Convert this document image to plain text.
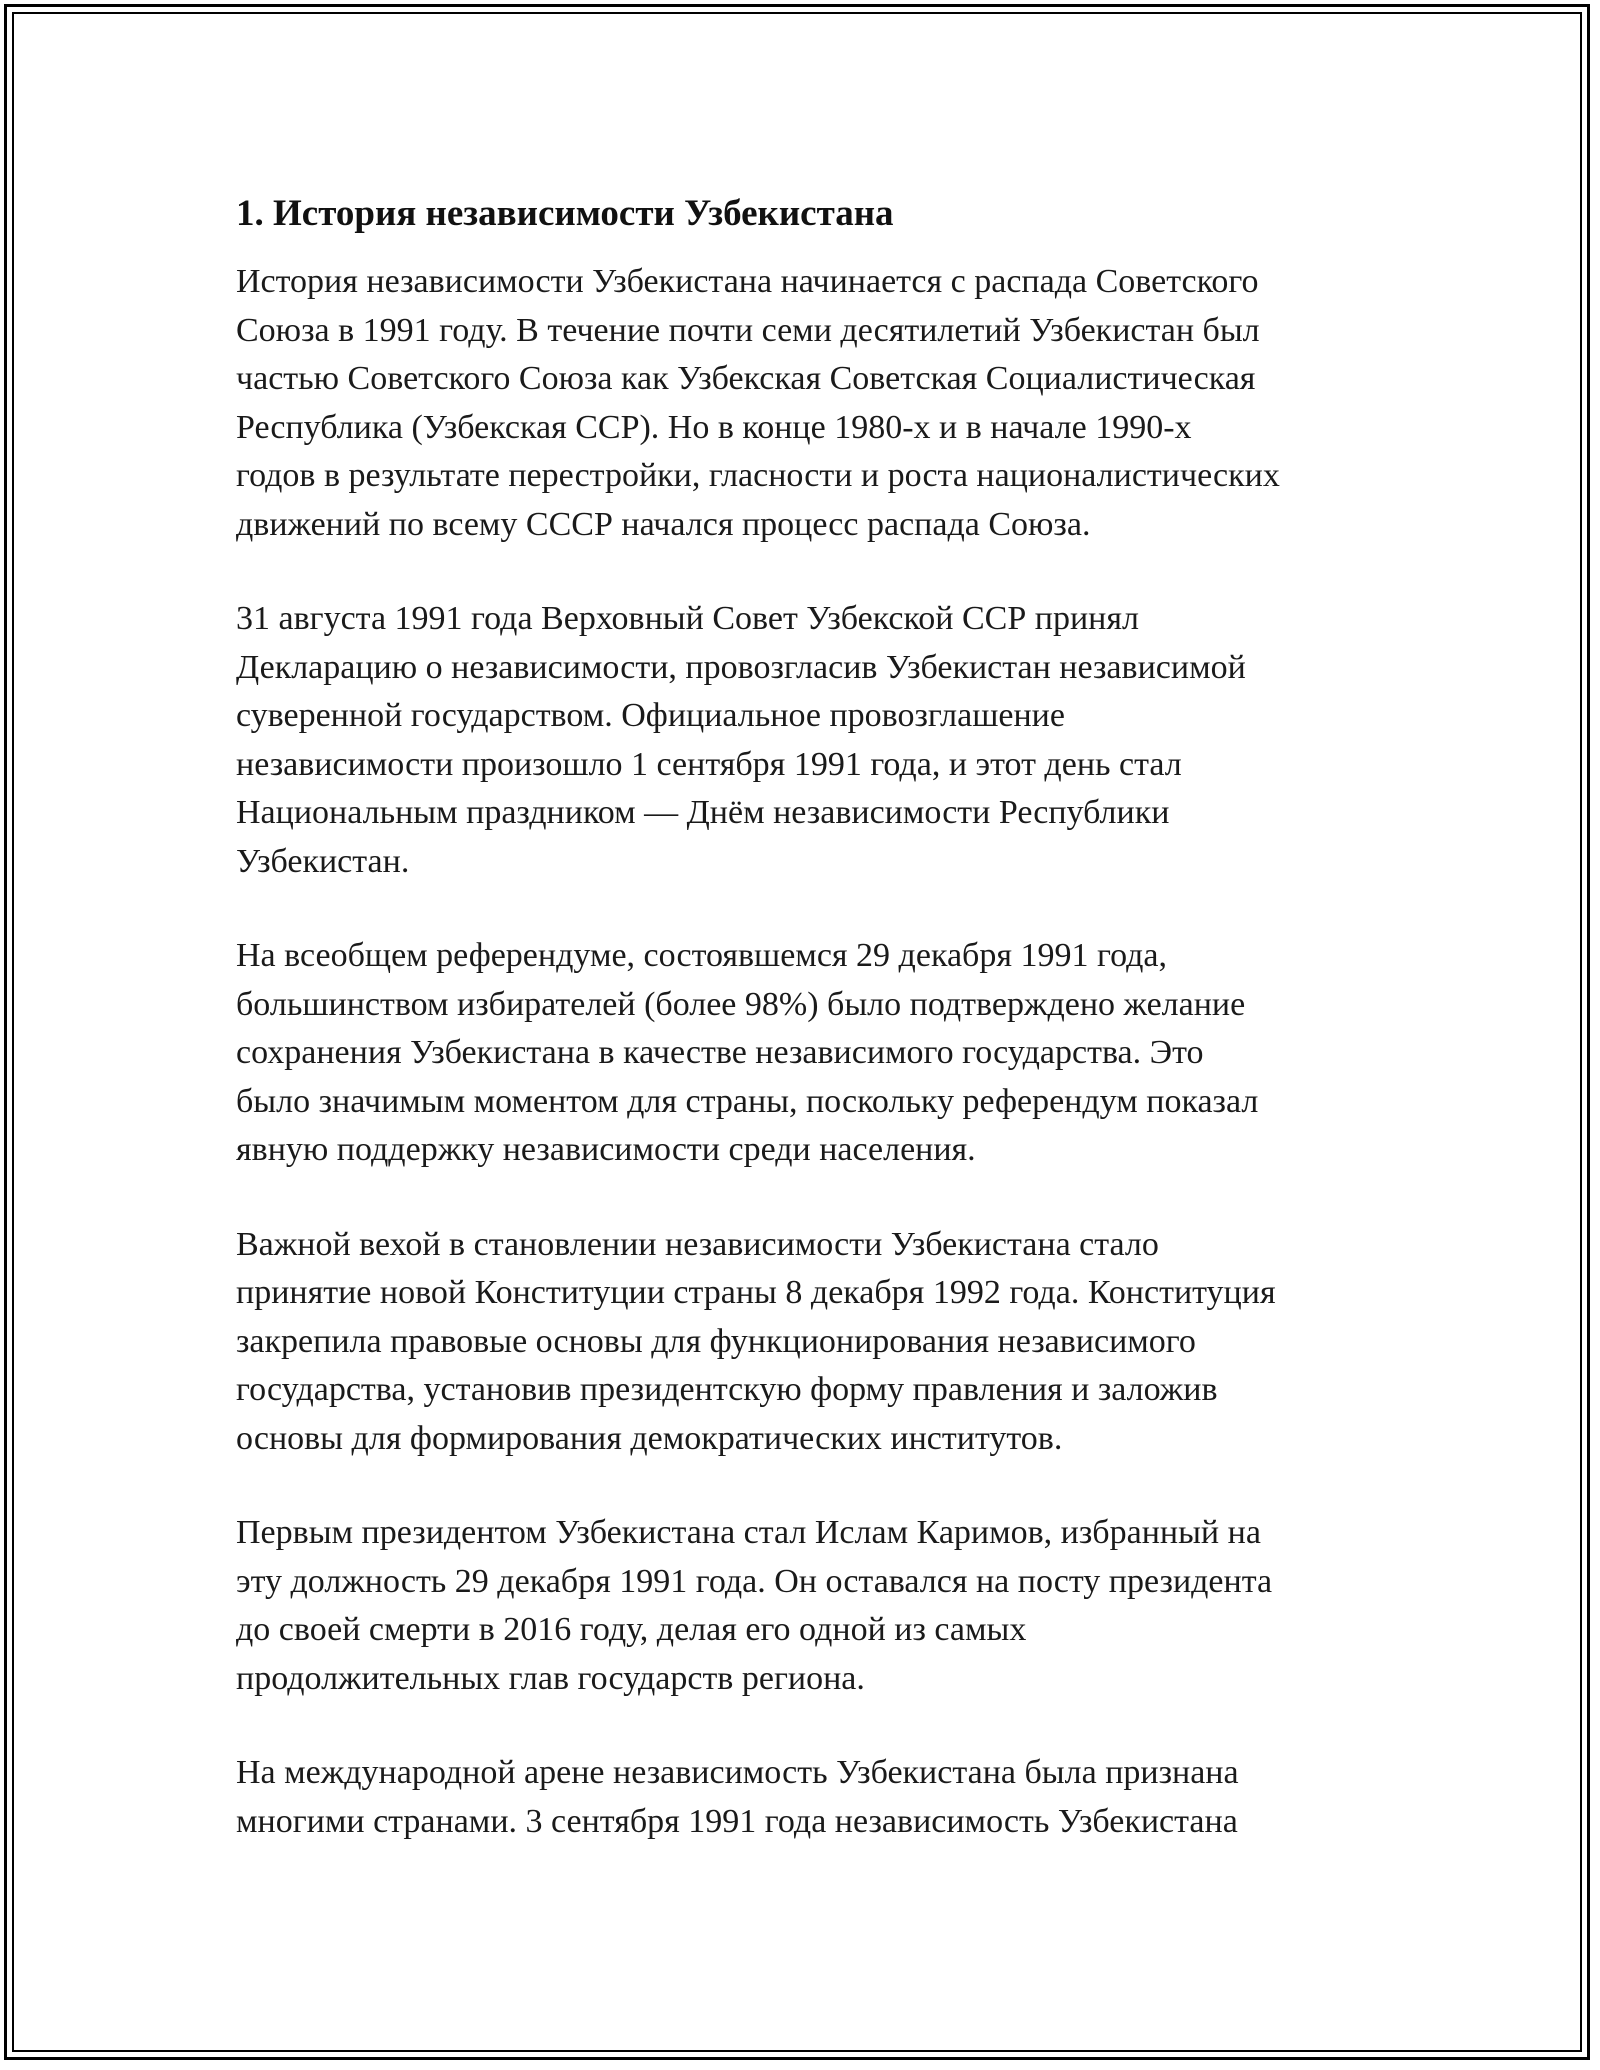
1. История независимости Узбекистана

История независимости Узбекистана начинается с распада Советского
Союза в 1991 году. В течение почти семи десятилетий Узбекистан был
частью Советского Союза как Узбекская Советская Социалистическая
Республика (Узбекская ССР). Но в конце 1980-х и в начале 1990-х
годов в результате перестройки, гласности и роста националистических
движений по всему СССР начался процесс распада Союза.

31 августа 1991 года Верховный Совет Узбекской ССР принял
Декларацию о независимости, провозгласив Узбекистан независимой
суверенной государством. Официальное провозглашение
независимости произошло 1 сентября 1991 года, и этот день стал
Национальным праздником — Днём независимости Республики
Узбекистан.

На всеобщем референдуме, состоявшемся 29 декабря 1991 года,
большинством избирателей (более 98%) было подтверждено желание
сохранения Узбекистана в качестве независимого государства. Это
было значимым моментом для страны, поскольку референдум показал
явную поддержку независимости среди населения.

Важной вехой в становлении независимости Узбекистана стало
принятие новой Конституции страны 8 декабря 1992 года. Конституция
закрепила правовые основы для функционирования независимого
государства, установив президентскую форму правления и заложив
основы для формирования демократических институтов.

Первым президентом Узбекистана стал Ислам Каримов, избранный на
эту должность 29 декабря 1991 года. Он оставался на посту президента
до своей смерти в 2016 году, делая его одной из самых
продолжительных глав государств региона.

На международной арене независимость Узбекистана была признана
многими странами. 3 сентября 1991 года независимость Узбекистана
